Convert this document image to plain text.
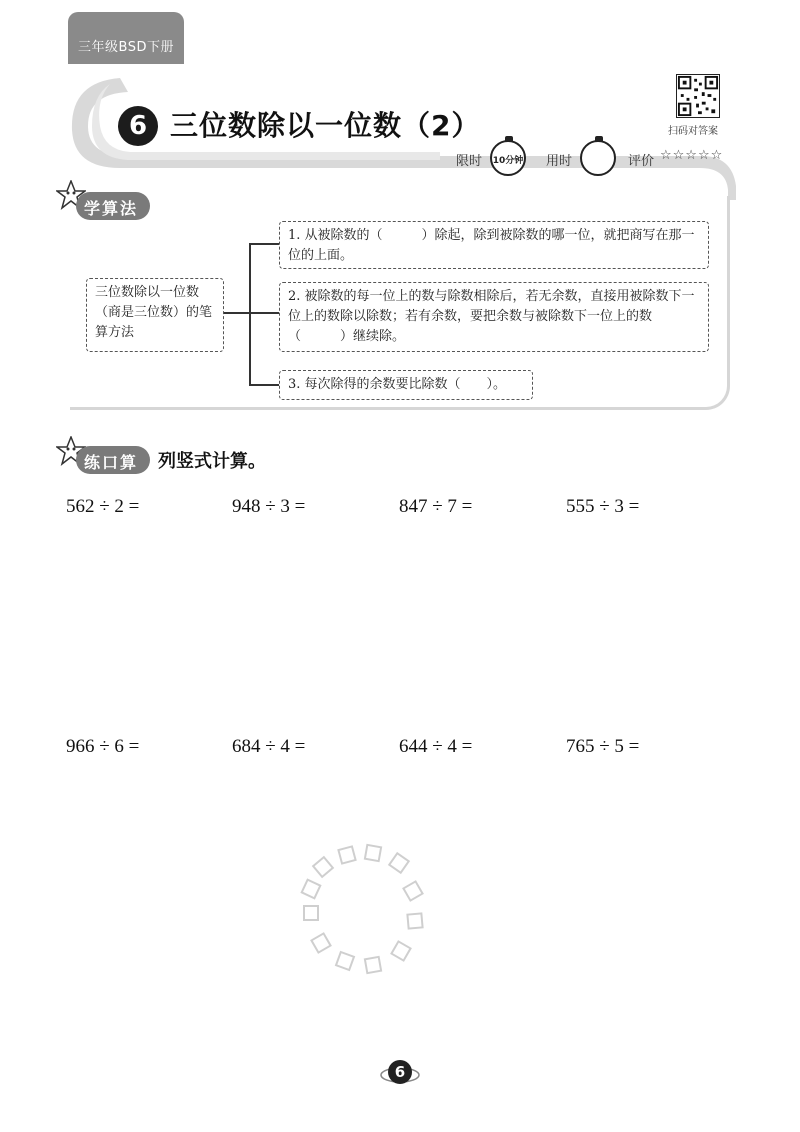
三年级BSD下册
6 三位数除以一位数（2）	扫码对答案
限时 10分钟 用时	评价 ☆☆☆☆☆
学算法
三位数除以一位数（商是三位数）的笔算方法
1. 从被除数的（　　　）除起，除到被除数的哪一位，就把商写在那一位的上面。
2. 被除数的每一位上的数与除数相除后，若无余数，直接用被除数下一位上的数除以除数；若有余数，要把余数与被除数下一位上的数（　　　）继续除。
3. 每次除得的余数要比除数（　　）。
练口算 列竖式计算。
562 ÷ 2 =	948 ÷ 3 =	847 ÷ 7 =	555 ÷ 3 =
966 ÷ 6 =	684 ÷ 4 =	644 ÷ 4 =	765 ÷ 5 =
6
